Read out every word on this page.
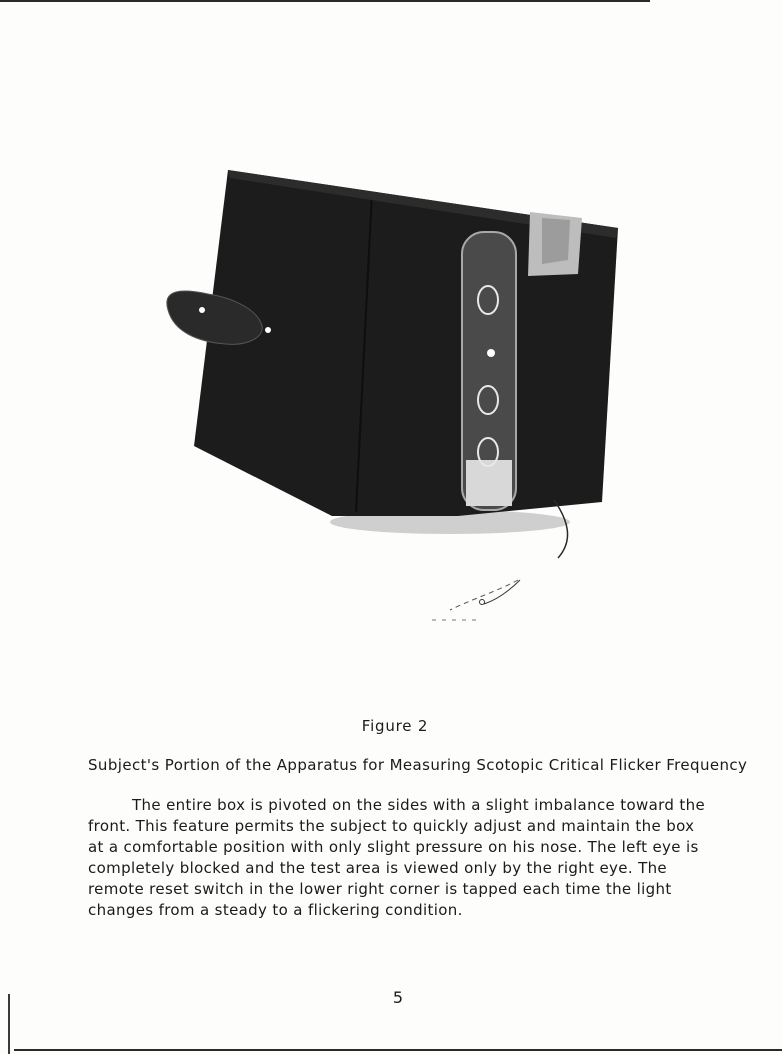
Figure 2
Subject's Portion of the Apparatus for Measuring Scotopic Critical Flicker Frequency

The entire box is pivoted on the sides with a slight imbalance toward the front. This feature permits the subject to quickly adjust and maintain the box at a comfortable position with only slight pressure on his nose. The left eye is completely blocked and the test area is viewed only by the right eye. The remote reset switch in the lower right corner is tapped each time the light changes from a steady to a flickering condition.

5
